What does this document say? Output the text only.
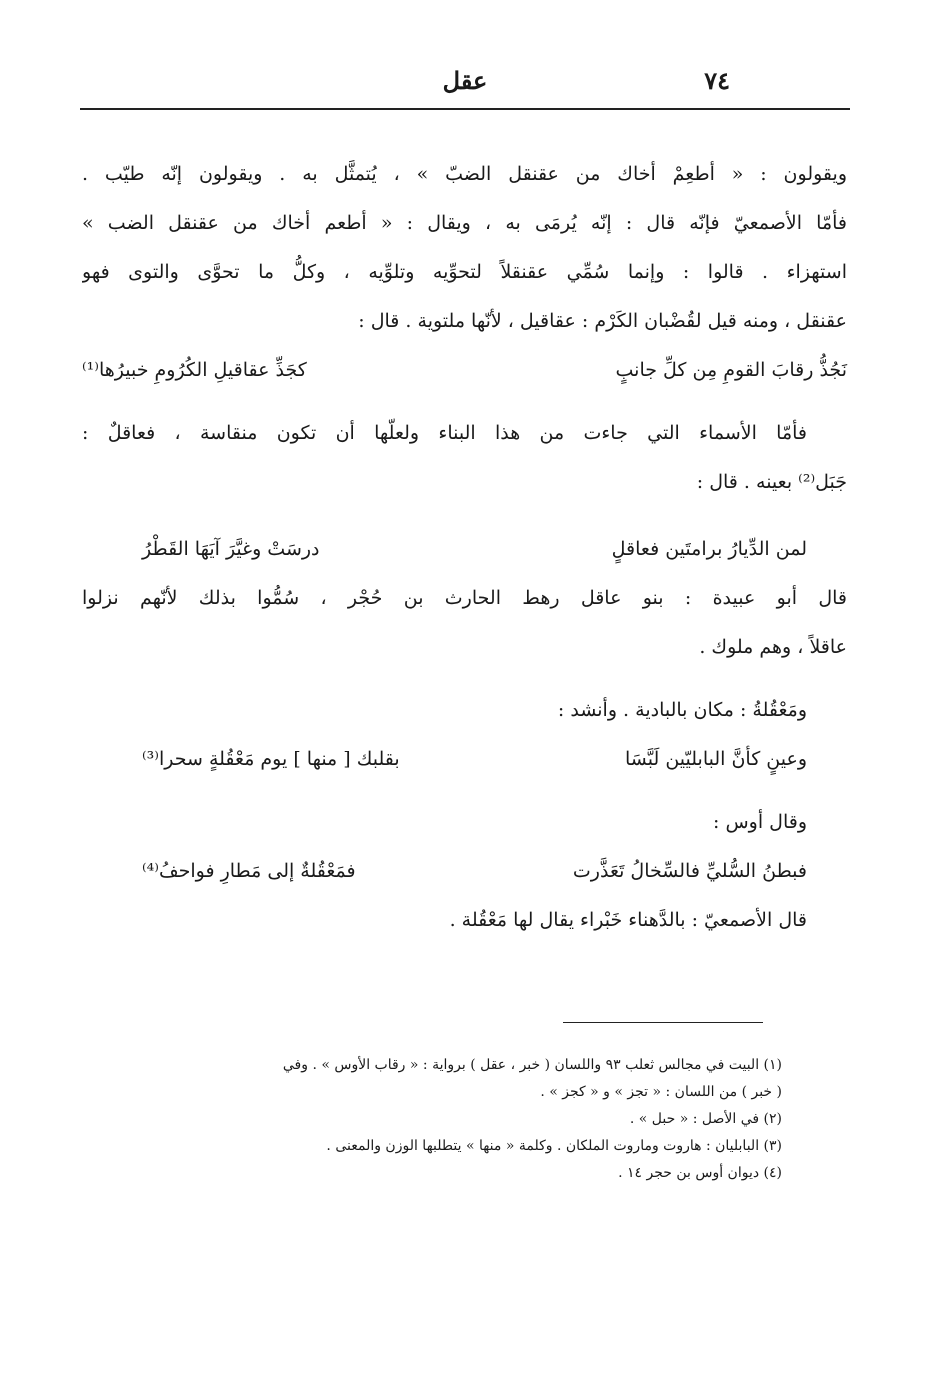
٧٤
عقل
ويقولون : « أطعِمْ أخاك من عقنقل الضبّ » ، يُتمثَّل به . ويقولون إنّه طيّب .
فأمّا الأصمعيّ فإنّه قال : إنّه يُرمَى به ، ويقال : « أطعم أخاك من عقنقل الضب »
استهزاء . قالوا : وإنما سُمِّي عقنقلاً لتحوِّيه وتلوِّيه ، وكلُّ ما تحوَّى والتوى فهو
عقنقل ، ومنه قيل لقُضْبان الكَرْم : عقاقيل ، لأنّها ملتوية . قال :
نَجُذُّ رقابَ القومِ مِن كلِّ جانبٍ
كجَذِّ عقاقيلِ الكُرُومِ خبيرُها⁽¹⁾
فأمّا الأسماء التي جاءت من هذا البناء ولعلّها أن تكون منقاسة ، فعاقلٌ :
جَبَل⁽²⁾ بعينه . قال :
لمن الدِّيارُ برامتَين فعاقلٍ
درسَتْ وغيَّرَ آيَهَا القَطْرُ
قال أبو عبيدة : بنو عاقل رهط الحارث بن حُجْر ، سُمُّوا بذلك لأنّهم نزلوا
عاقلاً ، وهم ملوك .
ومَعْقُلةُ : مكان بالبادية . وأنشد :
وعينٍ كأنَّ البابليّين لَبَّسَا
بقلبك [ منها ] يوم مَعْقُلةٍ سحرا⁽³⁾
وقال أوس :
فبطنُ السُّليِّ فالسِّخالُ تَعَذَّرت
فمَعْقُلةٌ إلى مَطارِ فواحفُ⁽⁴⁾
قال الأصمعيّ : بالدَّهناء خَبْراء يقال لها مَعْقُلة .
(١) البيت في مجالس ثعلب ٩٣ واللسان ( خبر ، عقل ) برواية : « رقاب الأوس » . وفي
( خبر ) من اللسان : « تجز » و « كجز » .
(٢) في الأصل : « حبل » .
(٣) البابليان : هاروت وماروت الملكان . وكلمة « منها » يتطلبها الوزن والمعنى .
(٤) ديوان أوس بن حجر ١٤ .
